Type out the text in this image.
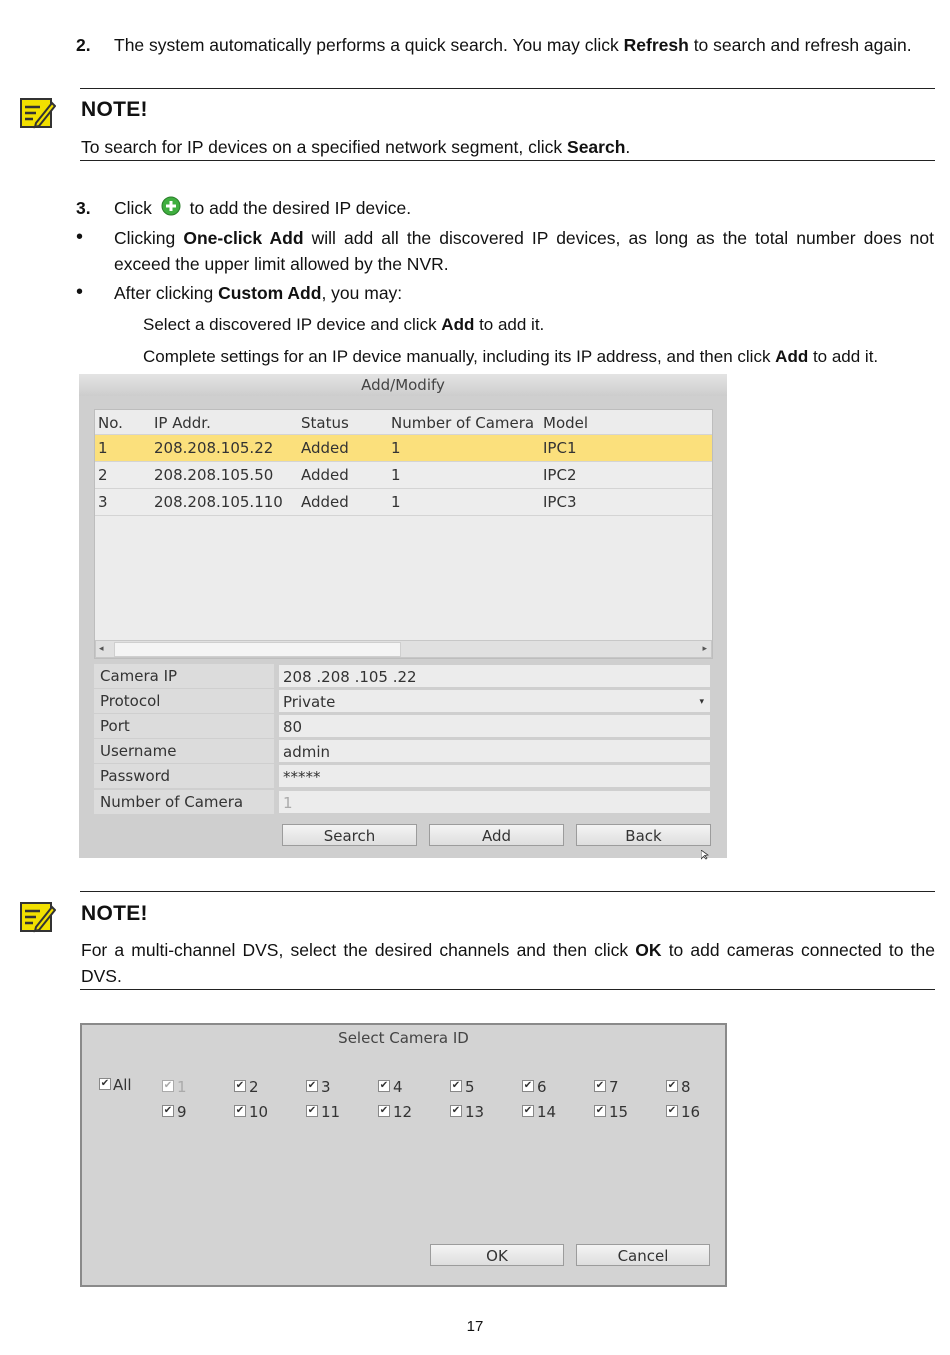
2. The system automatically performs a quick search. You may click Refresh to search and refresh again.
NOTE!
To search for IP devices on a specified network segment, click Search.
3. Click  to add the desired IP device.
• Clicking One-click Add will add all the discovered IP devices, as long as the total number does not exceed the upper limit allowed by the NVR.
• After clicking Custom Add, you may:
Select a discovered IP device and click Add to add it.
Complete settings for an IP device manually, including its IP address, and then click Add to add it.
Add/Modify
No. IP Addr.	Status	Number of Camera Model
1	208.208.105.22 Added	1	IPC1
2	208.208.105.50 Added	1	IPC2
3	208.208.105.110 Added	1	IPC3
◂	▸
Camera IP	208 .208 .105 .22
Protocol	Private	▾
Port	80
Username	admin
Password	*****
Number of Camera	1
Search	Add	Back
NOTE!
For a multi-channel DVS, select the desired channels and then click OK to add cameras connected to the DVS.
Select Camera ID
✔ All	✔ 1	✔ 2	✔ 3	✔ 4	✔ 5	✔ 6	✔ 7	✔ 8
✔ 9	✔ 10	✔ 11	✔ 12	✔ 13	✔ 14	✔ 15	✔ 16
OK	Cancel
17
